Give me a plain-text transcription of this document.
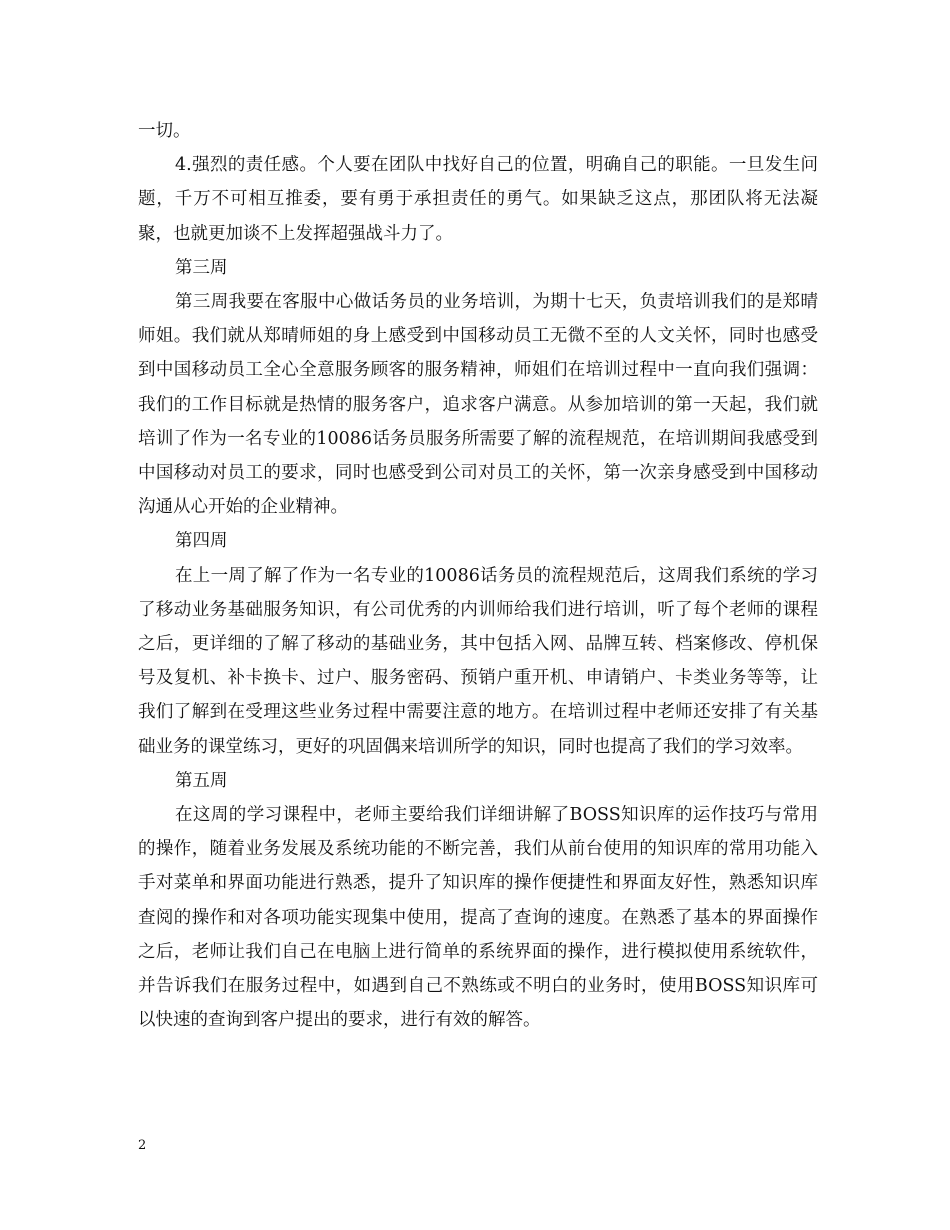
一切。

4.强烈的责任感。个人要在团队中找好自己的位置，明确自己的职能。一旦发生问题，千万不可相互推委，要有勇于承担责任的勇气。如果缺乏这点，那团队将无法凝聚，也就更加谈不上发挥超强战斗力了。

第三周

第三周我要在客服中心做话务员的业务培训，为期十七天，负责培训我们的是郑晴师姐。我们就从郑晴师姐的身上感受到中国移动员工无微不至的人文关怀，同时也感受到中国移动员工全心全意服务顾客的服务精神，师姐们在培训过程中一直向我们强调：我们的工作目标就是热情的服务客户，追求客户满意。从参加培训的第一天起，我们就培训了作为一名专业的10086话务员服务所需要了解的流程规范，在培训期间我感受到中国移动对员工的要求，同时也感受到公司对员工的关怀，第一次亲身感受到中国移动沟通从心开始的企业精神。

第四周

在上一周了解了作为一名专业的10086话务员的流程规范后，这周我们系统的学习了移动业务基础服务知识，有公司优秀的内训师给我们进行培训，听了每个老师的课程之后，更详细的了解了移动的基础业务，其中包括入网、品牌互转、档案修改、停机保号及复机、补卡换卡、过户、服务密码、预销户重开机、申请销户、卡类业务等等，让我们了解到在受理这些业务过程中需要注意的地方。在培训过程中老师还安排了有关基础业务的课堂练习，更好的巩固偶来培训所学的知识，同时也提高了我们的学习效率。

第五周

在这周的学习课程中，老师主要给我们详细讲解了BOSS知识库的运作技巧与常用的操作，随着业务发展及系统功能的不断完善，我们从前台使用的知识库的常用功能入手对菜单和界面功能进行熟悉，提升了知识库的操作便捷性和界面友好性，熟悉知识库查阅的操作和对各项功能实现集中使用，提高了查询的速度。在熟悉了基本的界面操作之后，老师让我们自己在电脑上进行简单的系统界面的操作，进行模拟使用系统软件，并告诉我们在服务过程中，如遇到自己不熟练或不明白的业务时，使用BOSS知识库可以快速的查询到客户提出的要求，进行有效的解答。

2
